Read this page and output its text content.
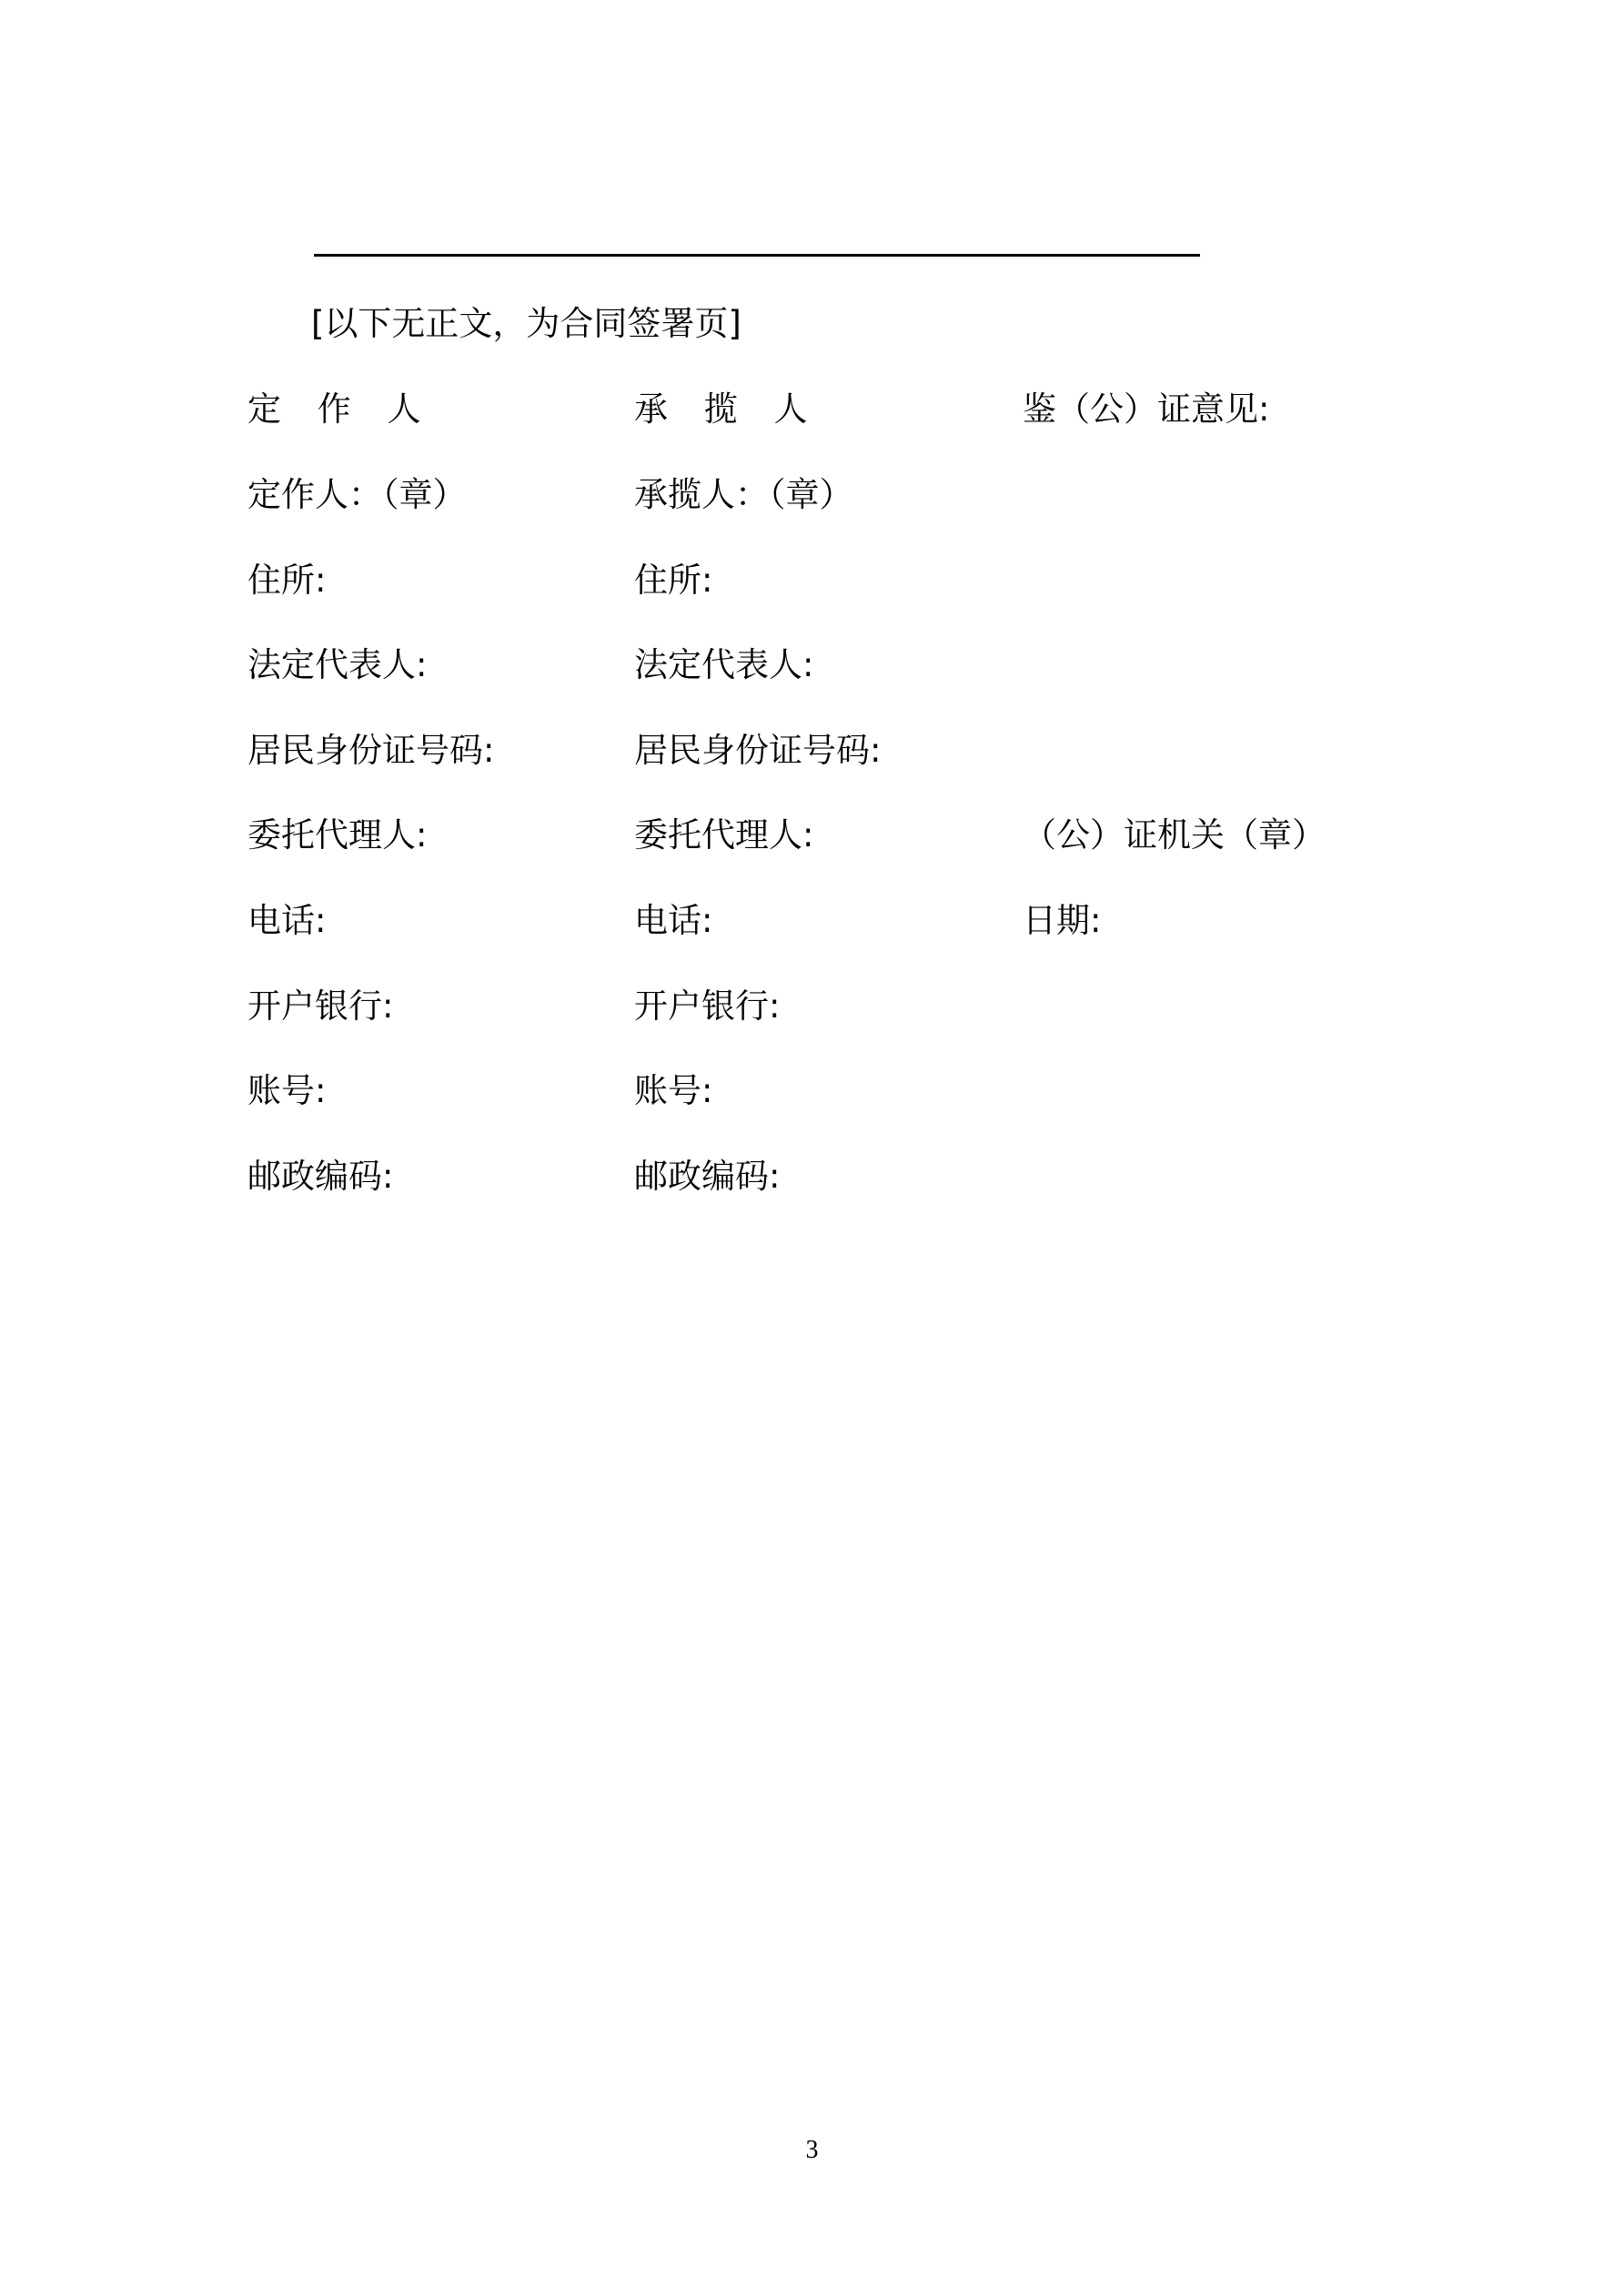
[以下无正文，为合同签署页]
定 作 人	承 揽 人	鉴（公）证意见:
定作人：（章）
住所:
法定代表人:
居民身份证号码:
委托代理人:
电话:
开户银行:
账号:
邮政编码:
承揽人：（章）
住所:
法定代表人:
居民身份证号码:
委托代理人:
电话:
开户银行:
账号:
邮政编码:
（公）证机关（章）
日期:
3
